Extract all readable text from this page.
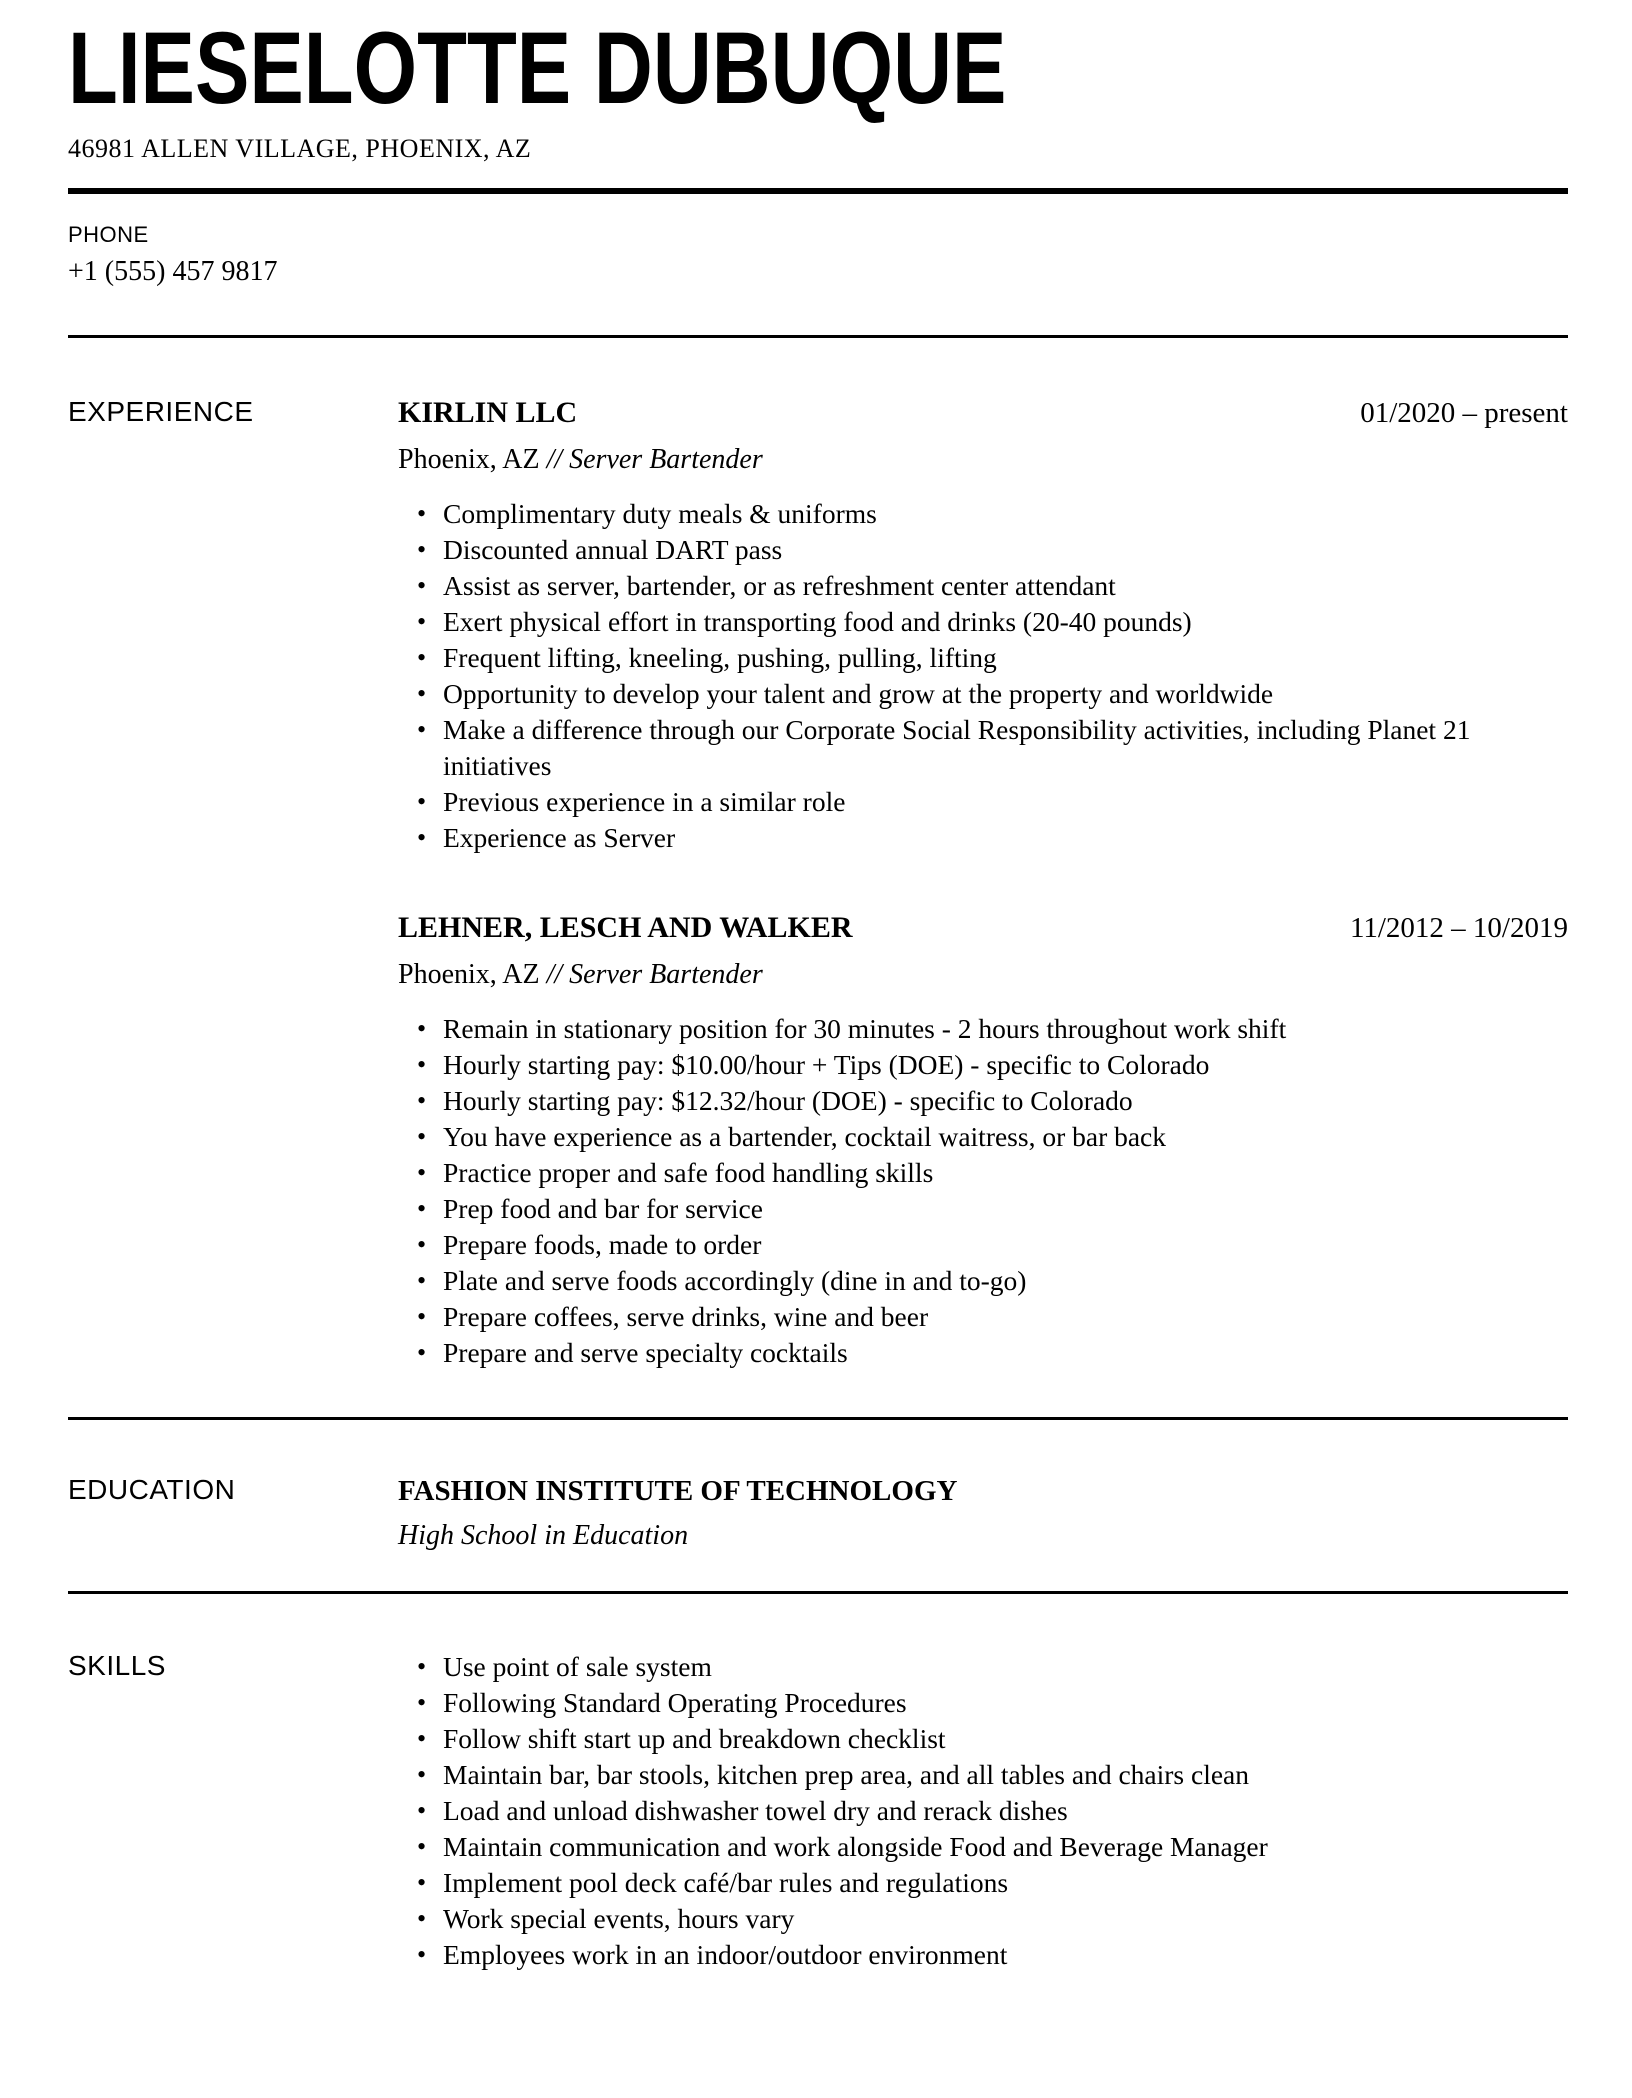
LIESELOTTE DUBUQUE
46981 ALLEN VILLAGE, PHOENIX, AZ
PHONE
+1 (555) 457 9817
EXPERIENCE	KIRLIN LLC	01/2020 – present
Phoenix, AZ // Server Bartender
• Complimentary duty meals & uniforms
• Discounted annual DART pass
• Assist as server, bartender, or as refreshment center attendant
• Exert physical effort in transporting food and drinks (20-40 pounds)
• Frequent lifting, kneeling, pushing, pulling, lifting
• Opportunity to develop your talent and grow at the property and worldwide
• Make a difference through our Corporate Social Responsibility activities, including Planet 21 initiatives
• Previous experience in a similar role
• Experience as Server
LEHNER, LESCH AND WALKER	11/2012 – 10/2019
Phoenix, AZ // Server Bartender
• Remain in stationary position for 30 minutes - 2 hours throughout work shift
• Hourly starting pay: $10.00/hour + Tips (DOE) - specific to Colorado
• Hourly starting pay: $12.32/hour (DOE) - specific to Colorado
• You have experience as a bartender, cocktail waitress, or bar back
• Practice proper and safe food handling skills
• Prep food and bar for service
• Prepare foods, made to order
• Plate and serve foods accordingly (dine in and to-go)
• Prepare coffees, serve drinks, wine and beer
• Prepare and serve specialty cocktails
EDUCATION	FASHION INSTITUTE OF TECHNOLOGY
High School in Education
SKILLS	• Use point of sale system
• Following Standard Operating Procedures
• Follow shift start up and breakdown checklist
• Maintain bar, bar stools, kitchen prep area, and all tables and chairs clean
• Load and unload dishwasher towel dry and rerack dishes
• Maintain communication and work alongside Food and Beverage Manager
• Implement pool deck café/bar rules and regulations
• Work special events, hours vary
• Employees work in an indoor/outdoor environment
